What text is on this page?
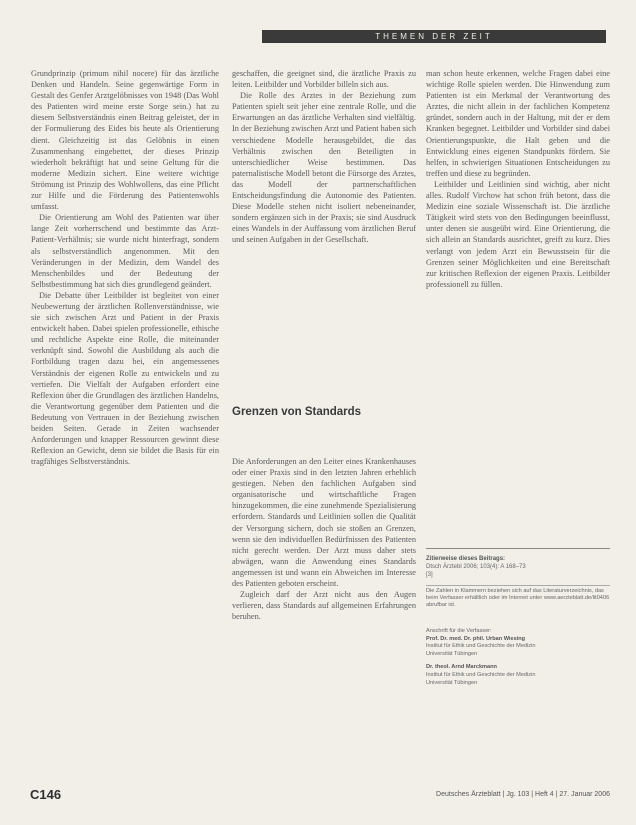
THEMEN DER ZEIT

Grundprinzip (primum nihil nocere) für das ärztliche Denken und Handeln. Seine gegenwärtige Form in Gestalt des Genfer Arztgelöbnisses von 1948 (Das Wohl des Patienten wird meine erste Sorge sein.) hat zu diesem Selbstverständnis einen Beitrag geleistet, der in der Formulierung des Eides bis heute als Orientierung dient. Gleichzeitig ist das Gelöbnis in einen Zusammenhang eingebettet, der dieses Prinzip wiederholt bekräftigt hat und seine Geltung für die moderne Medizin sichert. Eine weitere wichtige Strömung ist Prinzip des Wohlwollens, das eine Pflicht zur Hilfe und die Förderung des Patientenwohls umfasst.

Die Orientierung am Wohl des Patienten war über lange Zeit vorherrschend und bestimmte das Arzt-Patient-Verhältnis; sie wurde nicht hinterfragt, sondern als selbstverständlich angenommen. Mit den Veränderungen in der Medizin, dem Wandel des Menschenbildes und der Bedeutung der Selbstbestimmung hat sich dies grundlegend geändert.

Die Debatte über Leitbilder ist begleitet von einer Neubewertung der ärztlichen Rollenverständnisse, wie sie sich zwischen Arzt und Patient in der Praxis entwickelt haben. Dabei spielen professionelle, ethische und rechtliche Aspekte eine Rolle, die miteinander verknüpft sind. Sowohl die Ausbildung als auch die Fortbildung tragen dazu bei, ein angemessenes Verständnis der eigenen Rolle zu entwickeln und zu vertiefen. Die Vielfalt der Aufgaben erfordert eine Reflexion über die Grundlagen des ärztlichen Handelns, die Verantwortung gegenüber dem Patienten und die Bedeutung von Vertrauen in der Beziehung zwischen beiden Seiten. Gerade in Zeiten wachsender Anforderungen und knapper Ressourcen gewinnt diese Reflexion an Gewicht, denn sie bildet die Basis für ein tragfähiges Selbstverständnis.

geschaffen, die geeignet sind, die ärztliche Praxis zu leiten. Leitbilder und Vorbilder billeln sich aus.

Die Rolle des Arztes in der Beziehung zum Patienten spielt seit jeher eine zentrale Rolle, und die Erwartungen an das ärztliche Verhalten sind vielfältig. In der Beziehung zwischen Arzt und Patient haben sich verschiedene Modelle herausgebildet, die das Verhältnis zwischen den Beteiligten in unterschiedlicher Weise bestimmen. Das paternalistische Modell betont die Fürsorge des Arztes, das Modell der partnerschaftlichen Entscheidungsfindung die Autonomie des Patienten. Diese Modelle stehen nicht isoliert nebeneinander, sondern ergänzen sich in der Praxis; sie sind Ausdruck eines Wandels in der Auffassung vom ärztlichen Beruf und seinen Aufgaben in der Gesellschaft.

Grenzen von Standards

Die Anforderungen an den Leiter eines Krankenhauses oder einer Praxis sind in den letzten Jahren erheblich gestiegen. Neben den fachlichen Aufgaben sind organisatorische und wirtschaftliche Fragen hinzugekommen, die eine zunehmende Spezialisierung erfordern. Standards und Leitlinien sollen die Qualität der Versorgung sichern, doch sie stoßen an Grenzen, wenn sie den individuellen Bedürfnissen des Patienten nicht gerecht werden. Der Arzt muss daher stets abwägen, wann die Anwendung eines Standards angemessen ist und wann ein Abweichen im Interesse des Patienten geboten erscheint.

Zugleich darf der Arzt nicht aus den Augen verlieren, dass Standards auf allgemeinen Erfahrungen beruhen.

man schon heute erkennen, welche Fragen dabei eine wichtige Rolle spielen werden. Die Hinwendung zum Patienten ist ein Merkmal der Verantwortung des Arztes, die nicht allein in der fachlichen Kompetenz gründet, sondern auch in der Haltung, mit der er dem Kranken begegnet. Leitbilder und Vorbilder sind dabei Orientierungspunkte, die Halt geben und die Entwicklung eines eigenen Standpunkts fördern. Sie helfen, in schwierigen Situationen Entscheidungen zu treffen und diese zu begründen.

Leitbilder und Leitlinien sind wichtig, aber nicht alles. Rudolf Virchow hat schon früh betont, dass die Medizin eine soziale Wissenschaft ist. Die ärztliche Tätigkeit wird stets von den Bedingungen beeinflusst, unter denen sie ausgeübt wird. Eine Orientierung, die sich allein an Standards ausrichtet, greift zu kurz. Dies verlangt von jedem Arzt ein Bewusstsein für die Grenzen seiner Möglichkeiten und eine Bereitschaft zur kritischen Reflexion der eigenen Praxis. Leitbilder professionell zu füllen.

Zitierweise dieses Beitrags:
Dtsch Ärztebl 2006; 103(4): A 168–73
[3]
Die Zahlen in Klammern beziehen sich auf das Literaturverzeichnis, das beim Verfasser erhältlich oder im Internet unter www.aerzteblatt.de/lit0406 abrufbar ist.
Anschrift für die Verfasser:
Prof. Dr. med. Dr. phil. Urban Wiesing
Institut für Ethik und Geschichte der Medizin
Universität Tübingen
Dr. theol. Arnd Marckmann
Institut für Ethik und Geschichte der Medizin
Universität Tübingen
C146	Deutsches Ärzteblatt | Jg. 103 | Heft 4 | 27. Januar 2006
